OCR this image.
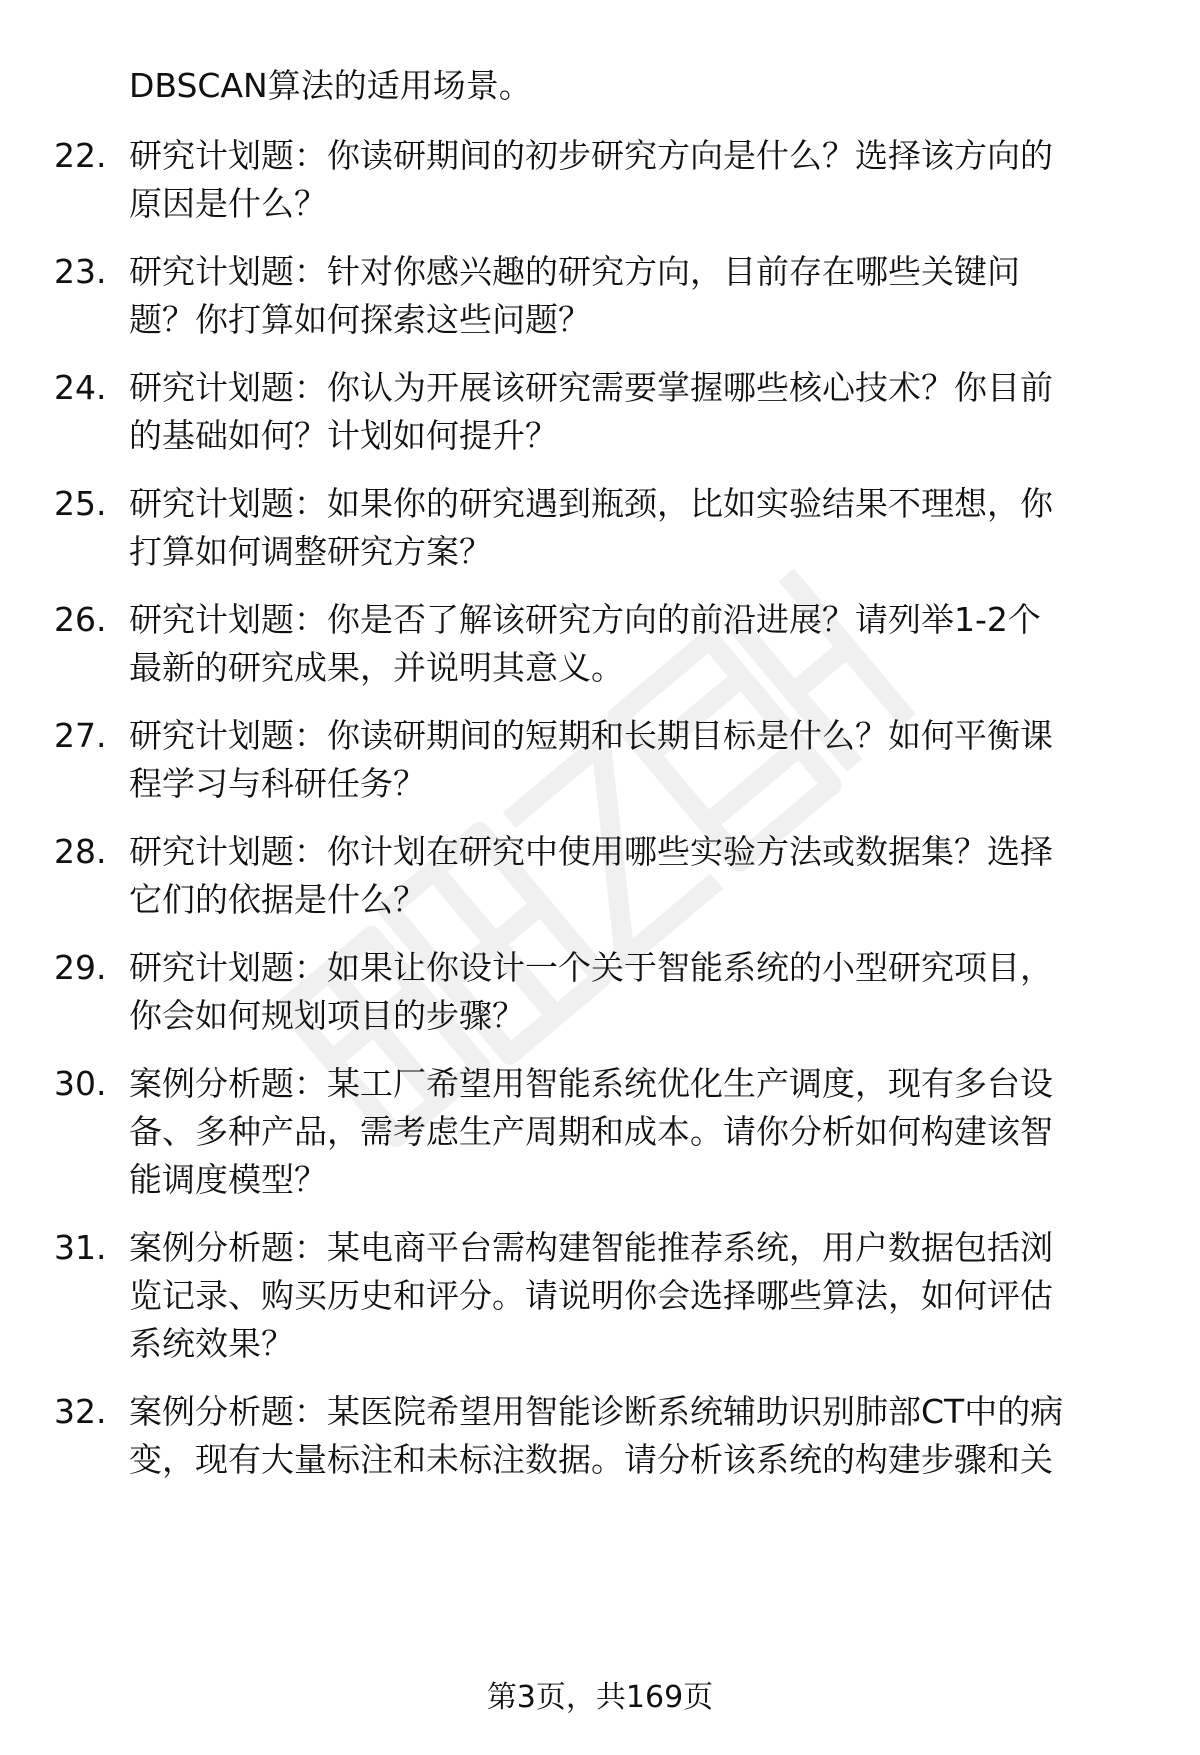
DBSCAN算法的适用场景。
22. 研究计划题：你读研期间的初步研究方向是什么？选择该方向的
原因是什么？
23. 研究计划题：针对你感兴趣的研究方向，目前存在哪些关键问
题？你打算如何探索这些问题？
24. 研究计划题：你认为开展该研究需要掌握哪些核心技术？你目前
的基础如何？计划如何提升？
25. 研究计划题：如果你的研究遇到瓶颈，比如实验结果不理想，你
打算如何调整研究方案？
26. 研究计划题：你是否了解该研究方向的前沿进展？请列举1-2个
最新的研究成果，并说明其意义。
27. 研究计划题：你读研期间的短期和长期目标是什么？如何平衡课
程学习与科研任务？
28. 研究计划题：你计划在研究中使用哪些实验方法或数据集？选择
它们的依据是什么？
29. 研究计划题：如果让你设计一个关于智能系统的小型研究项目，
你会如何规划项目的步骤？
30. 案例分析题：某工厂希望用智能系统优化生产调度，现有多台设
备、多种产品，需考虑生产周期和成本。请你分析如何构建该智
能调度模型？
31. 案例分析题：某电商平台需构建智能推荐系统，用户数据包括浏
览记录、购买历史和评分。请说明你会选择哪些算法，如何评估
系统效果？
32. 案例分析题：某医院希望用智能诊断系统辅助识别肺部CT中的病
变，现有大量标注和未标注数据。请分析该系统的构建步骤和关
第3页，共169页
